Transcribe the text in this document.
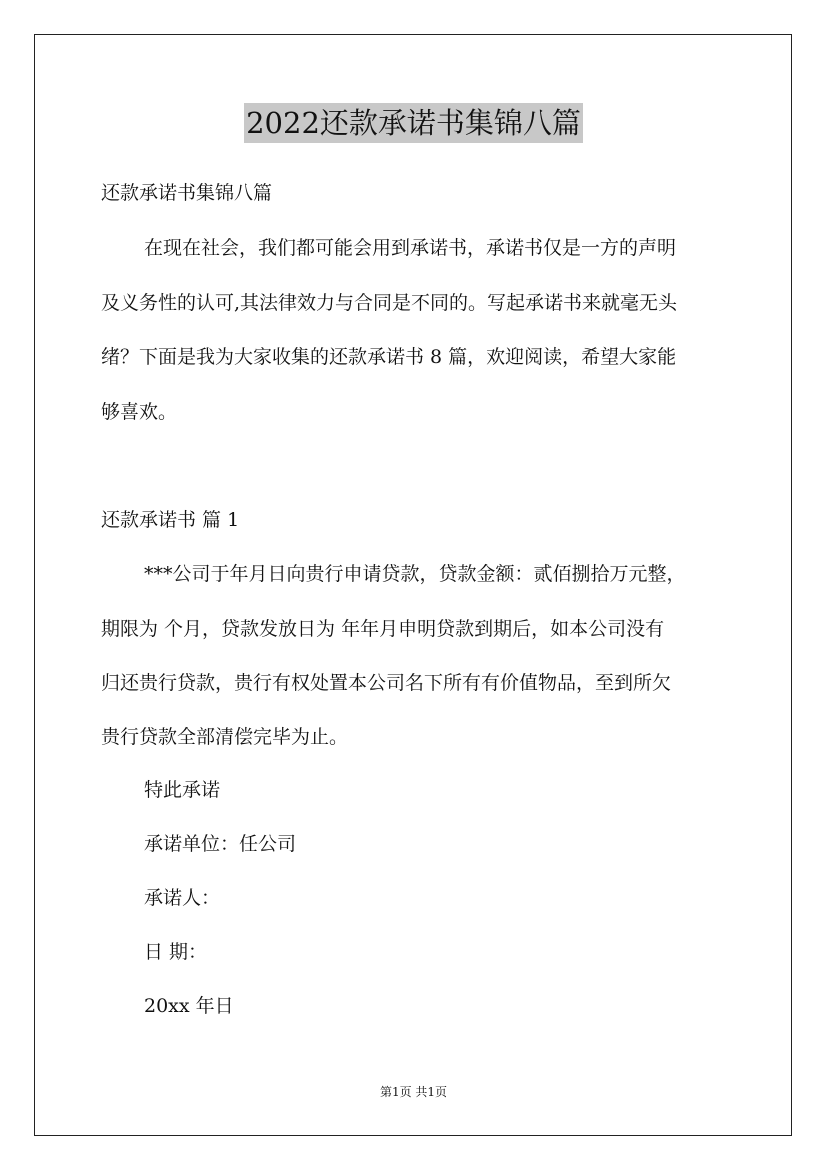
2022还款承诺书集锦八篇
还款承诺书集锦八篇
在现在社会，我们都可能会用到承诺书，承诺书仅是一方的声明
及义务性的认可,其法律效力与合同是不同的。写起承诺书来就毫无头
绪？下面是我为大家收集的还款承诺书 8 篇，欢迎阅读，希望大家能
够喜欢。
还款承诺书 篇 1
***公司于年月日向贵行申请贷款，贷款金额：贰佰捌拾万元整，
期限为 个月，贷款发放日为 年年月申明贷款到期后，如本公司没有
归还贵行贷款，贵行有权处置本公司名下所有有价值物品，至到所欠
贵行贷款全部清偿完毕为止。
特此承诺
承诺单位：任公司
承诺人：
日 期：
20xx 年日
第1页 共1页
